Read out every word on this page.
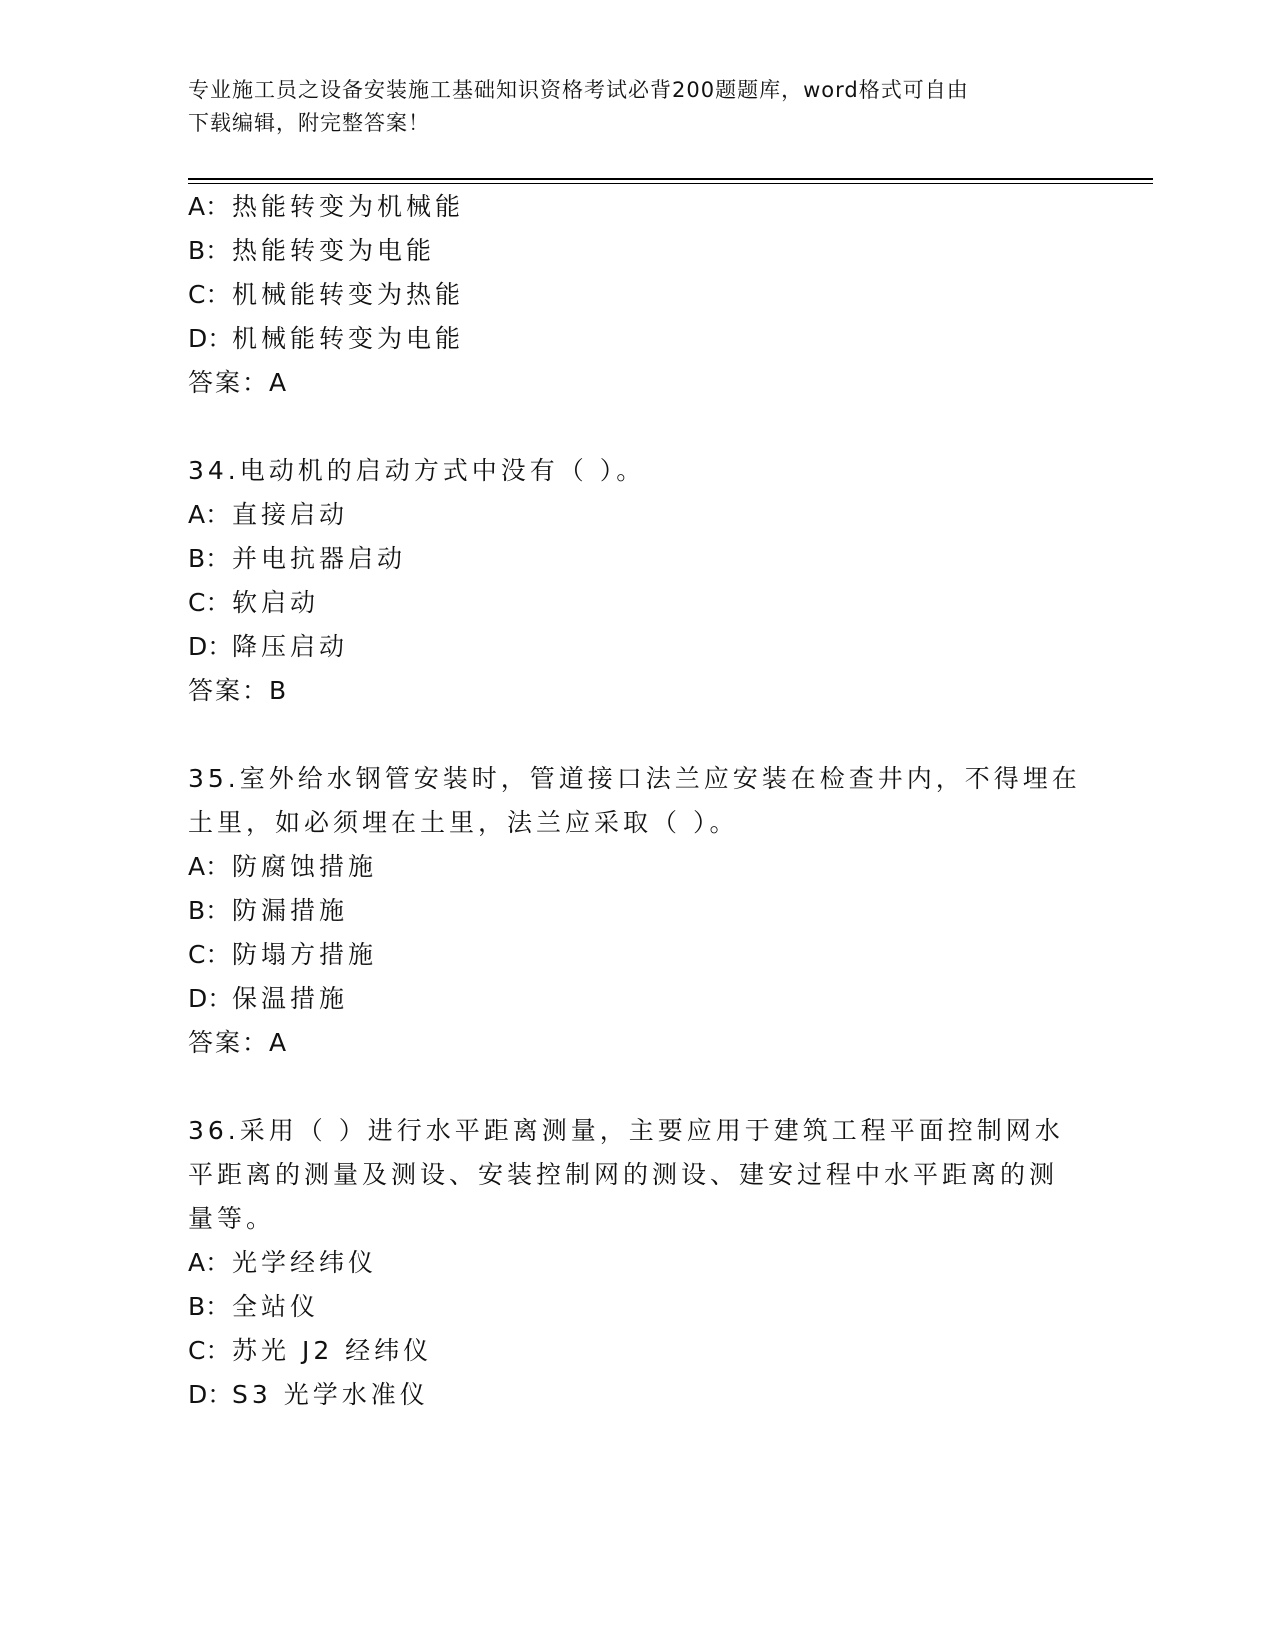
专业施工员之设备安装施工基础知识资格考试必背200题题库，word格式可自由
下载编辑，附完整答案！
A：热能转变为机械能
B：热能转变为电能
C：机械能转变为热能
D：机械能转变为电能
答案：A
34.电动机的启动方式中没有（ ）。
A：直接启动
B：并电抗器启动
C：软启动
D：降压启动
答案：B
35.室外给水钢管安装时，管道接口法兰应安装在检查井内，不得埋在
土里，如必须埋在土里，法兰应采取（ ）。
A：防腐蚀措施
B：防漏措施
C：防塌方措施
D：保温措施
答案：A
36.采用（ ）进行水平距离测量，主要应用于建筑工程平面控制网水
平距离的测量及测设、安装控制网的测设、建安过程中水平距离的测
量等。
A：光学经纬仪
B：全站仪
C：苏光 J2 经纬仪
D：S3 光学水准仪
